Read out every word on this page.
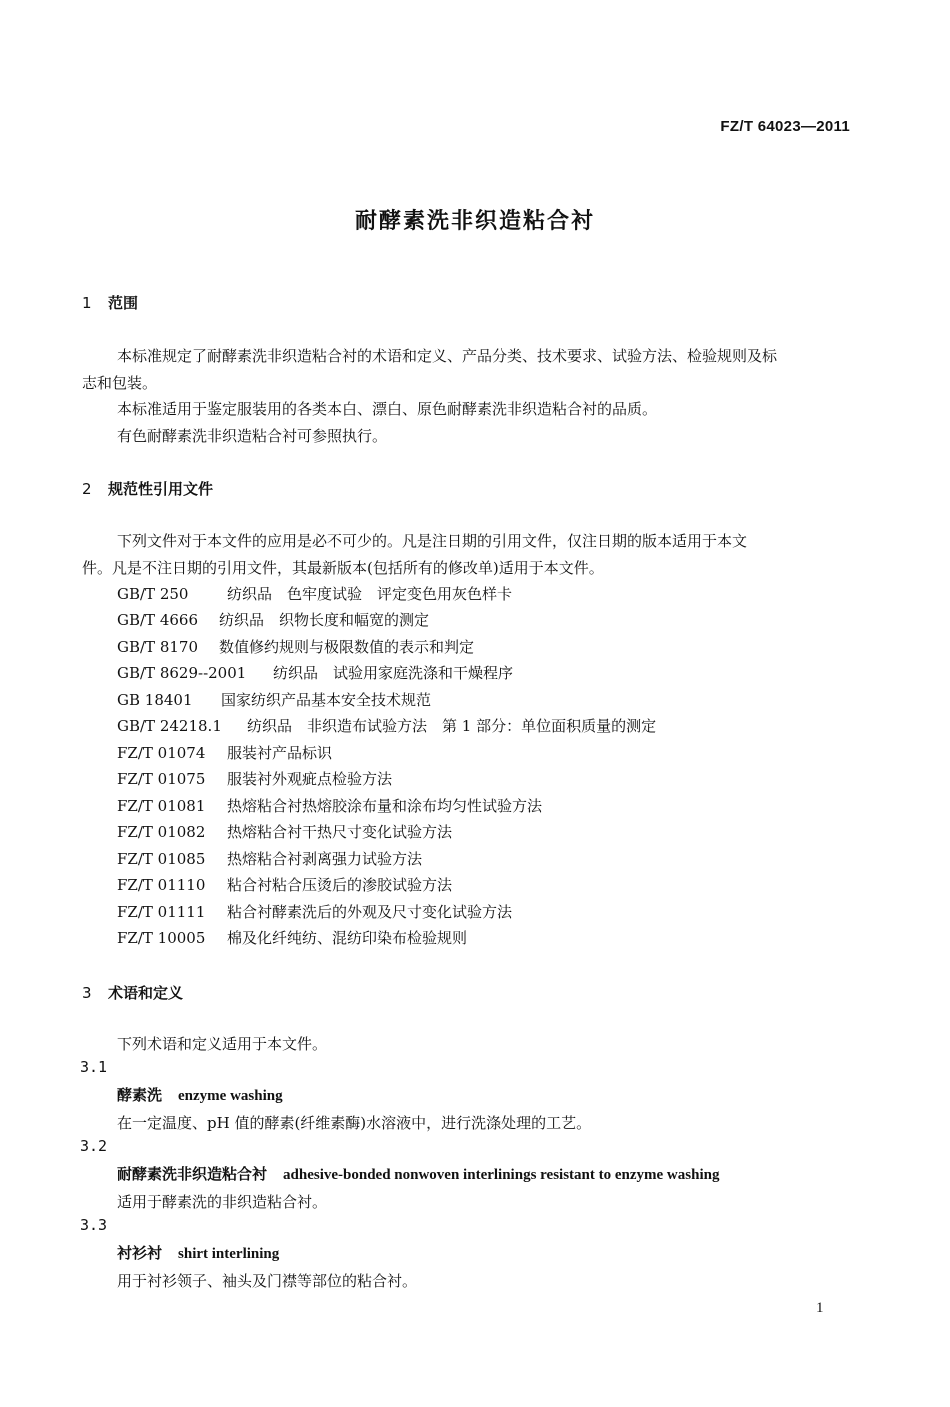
FZ/T 64023—2011
耐酵素洗非织造粘合衬
1 范围
本标准规定了耐酵素洗非织造粘合衬的术语和定义、产品分类、技术要求、试验方法、检验规则及标
志和包装。
本标准适用于鉴定服装用的各类本白、漂白、原色耐酵素洗非织造粘合衬的品质。
有色耐酵素洗非织造粘合衬可参照执行。
2 规范性引用文件
下列文件对于本文件的应用是必不可少的。凡是注日期的引用文件，仅注日期的版本适用于本文
件。凡是不注日期的引用文件，其最新版本(包括所有的修改单)适用于本文件。
GB/T 250	纺织品　色牢度试验　评定变色用灰色样卡
GB/T 4666 纺织品　织物长度和幅宽的测定
GB/T 8170 数值修约规则与极限数值的表示和判定
GB/T 8629--2001 纺织品　试验用家庭洗涤和干燥程序
GB 18401 国家纺织产品基本安全技术规范
GB/T 24218.1 纺织品　非织造布试验方法　第 1 部分：单位面积质量的测定
FZ/T 01074 服装衬产品标识
FZ/T 01075 服装衬外观疵点检验方法
FZ/T 01081 热熔粘合衬热熔胶涂布量和涂布均匀性试验方法
FZ/T 01082 热熔粘合衬干热尺寸变化试验方法
FZ/T 01085 热熔粘合衬剥离强力试验方法
FZ/T 01110 粘合衬粘合压烫后的渗胶试验方法
FZ/T 01111 粘合衬酵素洗后的外观及尺寸变化试验方法
FZ/T 10005 棉及化纤纯纺、混纺印染布检验规则
3 术语和定义
下列术语和定义适用于本文件。
3.1
酵素洗 enzyme washing
在一定温度、pH 值的酵素(纤维素酶)水溶液中，进行洗涤处理的工艺。
3.2
耐酵素洗非织造粘合衬 adhesive-bonded nonwoven interlinings resistant to enzyme washing
适用于酵素洗的非织造粘合衬。
3.3
衬衫衬 shirt interlining
用于衬衫领子、袖头及门襟等部位的粘合衬。
1
